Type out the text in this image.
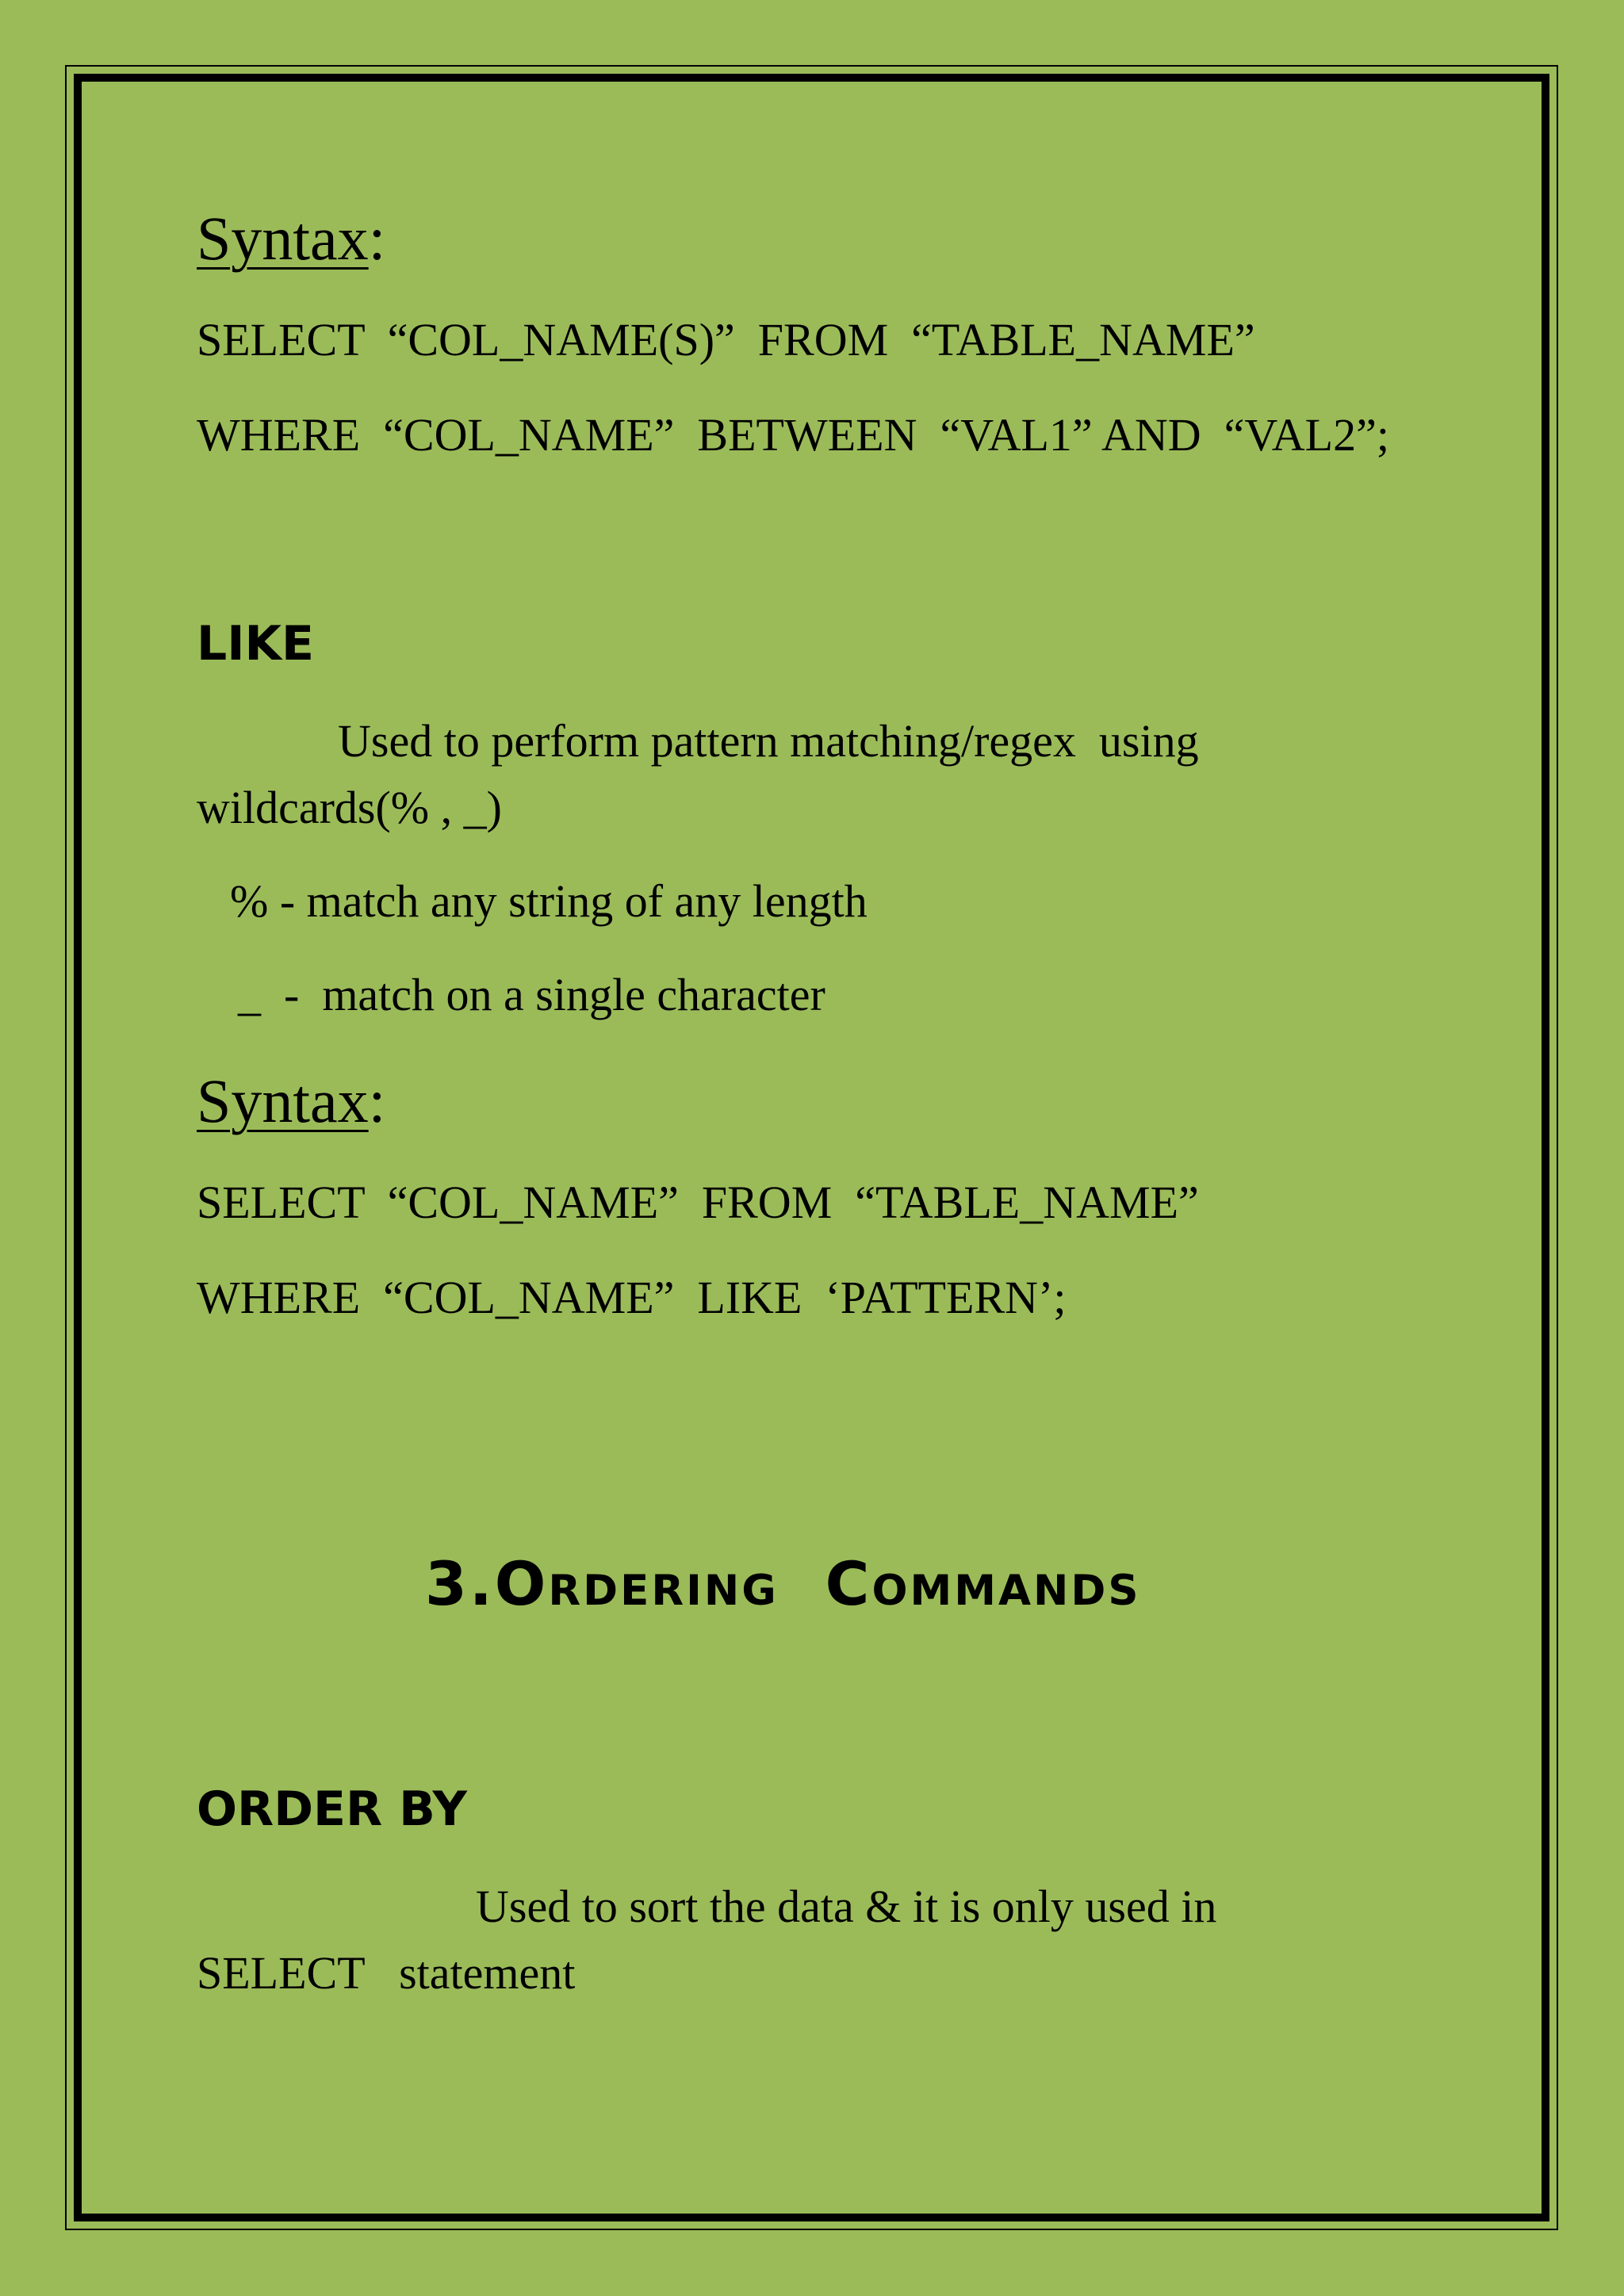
Syntax:
SELECT  “COL_NAME(S)”  FROM  “TABLE_NAME”
WHERE  “COL_NAME”  BETWEEN  “VAL1” AND  “VAL2”;
LIKE
Used to perform pattern matching/regex  using
wildcards(% , _)
% - match any string of any length
_  -  match on a single character
Syntax:
SELECT  “COL_NAME”  FROM  “TABLE_NAME”
WHERE  “COL_NAME”  LIKE  ‘PATTERN’;
3.Ordering  Commands
ORDER BY
Used to sort the data & it is only used in
SELECT   statement
